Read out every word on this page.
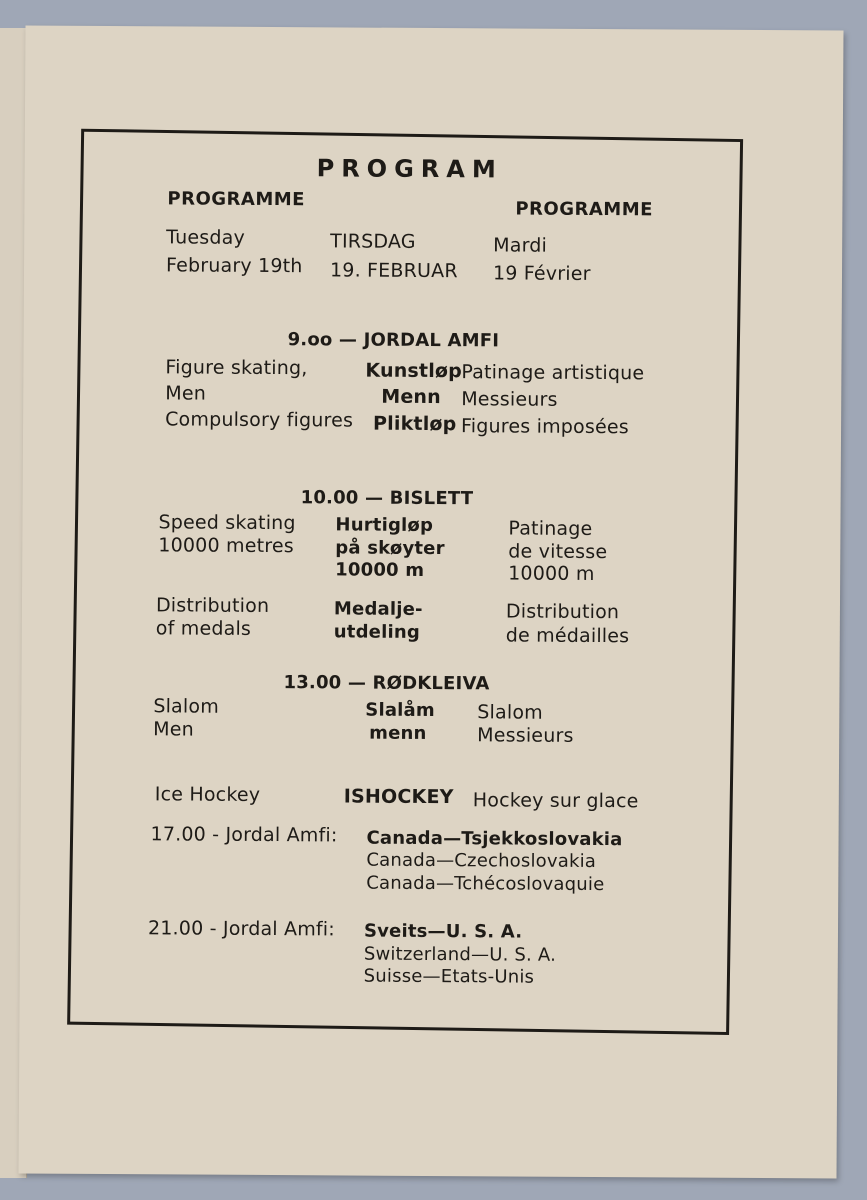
PROGRAM
PROGRAMME	PROGRAMME
Tuesday
February 19th
TIRSDAG
19. FEBRUAR
Mardi
19 Février
9.oo — JORDAL AMFI
Figure skating,
Men
Compulsory figures
Kunstløp
Menn
Pliktløp
Patinage artistique
Messieurs
Figures imposées
10.00 — BISLETT
Speed skating
10000 metres
Hurtigløp
på skøyter
10000 m
Patinage
de vitesse
10000 m
Distribution
of medals
Medalje-
utdeling
Distribution
de médailles
13.00 — RØDKLEIVA
Slalom
Men
Slalåm
menn
Slalom
Messieurs
Ice Hockey	ISHOCKEY Hockey sur glace
17.00 - Jordal Amfi: Canada—Tsjekkoslovakia
Canada—Czechoslovakia
Canada—Tchécoslovaquie
21.00 - Jordal Amfi: Sveits—U. S. A.
Switzerland—U. S. A.
Suisse—Etats-Unis
